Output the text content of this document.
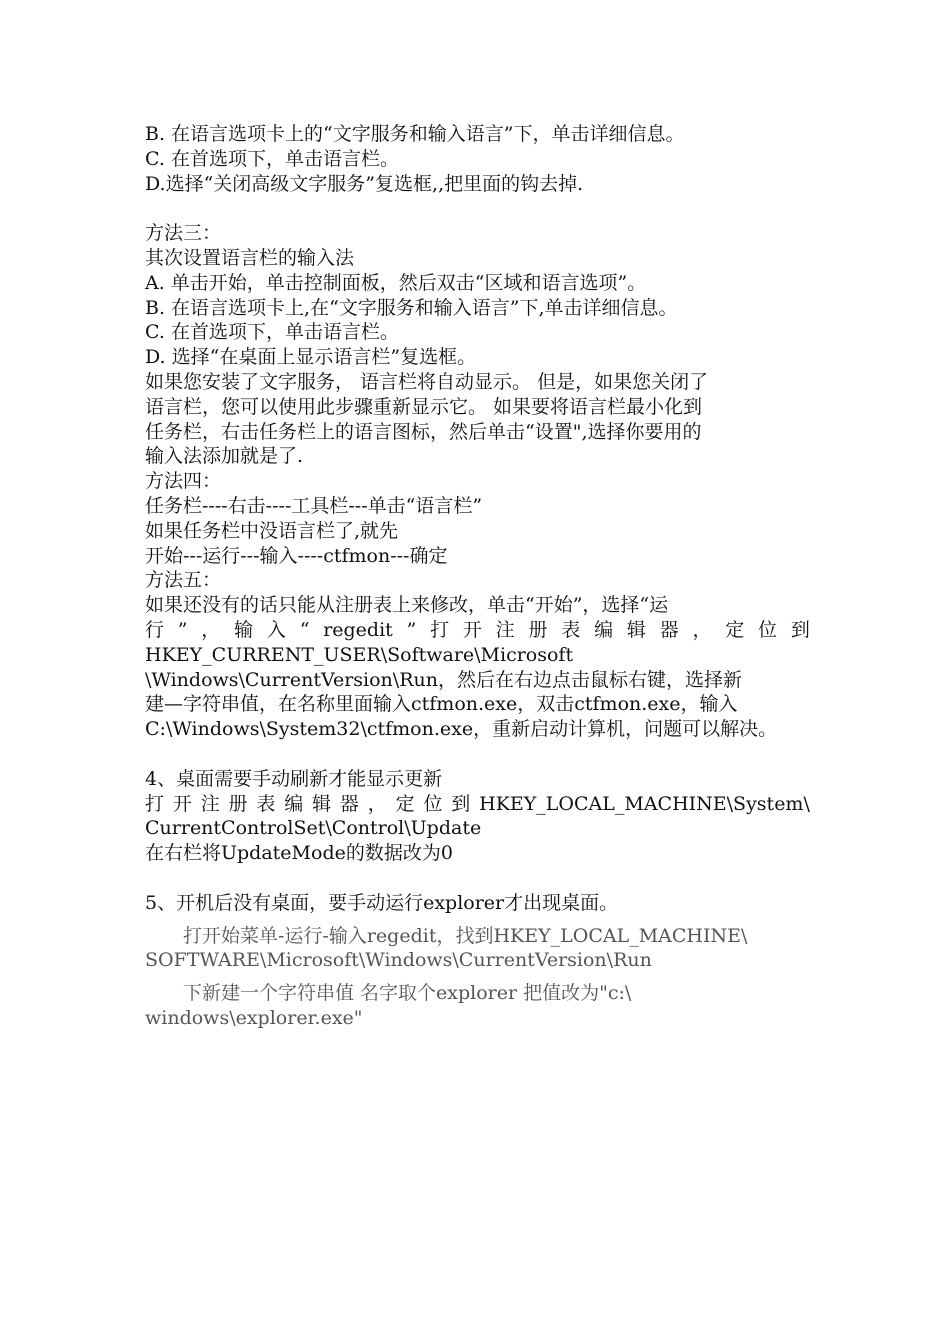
B. 在语言选项卡上的“文字服务和输入语言”下，单击详细信息。
C. 在首选项下，单击语言栏。
D.选择“关闭高级文字服务”复选框,,把里面的钩去掉.
方法三：
其次设置语言栏的输入法
A. 单击开始，单击控制面板，然后双击“区域和语言选项”。
B. 在语言选项卡上,在“文字服务和输入语言”下,单击详细信息。
C. 在首选项下，单击语言栏。
D. 选择“在桌面上显示语言栏”复选框。
如果您安装了文字服务， 语言栏将自动显示。 但是，如果您关闭了
语言栏，您可以使用此步骤重新显示它。 如果要将语言栏最小化到
任务栏，右击任务栏上的语言图标，然后单击“设置",选择你要用的
输入法添加就是了.
方法四：
任务栏----右击----工具栏---单击“语言栏”
如果任务栏中没语言栏了,就先
开始---运行---输入----ctfmon---确定
方法五：
如果还没有的话只能从注册表上来修改，单击“开始”，选择“运
行 ” ， 输 入 “ regedit ” 打 开 注 册 表 编 辑 器 ， 定 位 到
HKEY_CURRENT_USER\Software\Microsoft
\Windows\CurrentVersion\Run，然后在右边点击鼠标右键，选择新
建—字符串值，在名称里面输入ctfmon.exe，双击ctfmon.exe，输入
C:\Windows\System32\ctfmon.exe，重新启动计算机，问题可以解决。
4、桌面需要手动刷新才能显示更新
打 开 注 册 表 编 辑 器 ， 定 位 到 HKEY_LOCAL_MACHINE\System\
CurrentControlSet\Control\Update
在右栏将UpdateMode的数据改为0
5、开机后没有桌面，要手动运行explorer才出现桌面。
打开始菜单-运行-输入regedit，找到HKEY_LOCAL_MACHINE\
SOFTWARE\Microsoft\Windows\CurrentVersion\Run
下新建一个字符串值 名字取个explorer 把值改为"c:\
windows\explorer.exe"
